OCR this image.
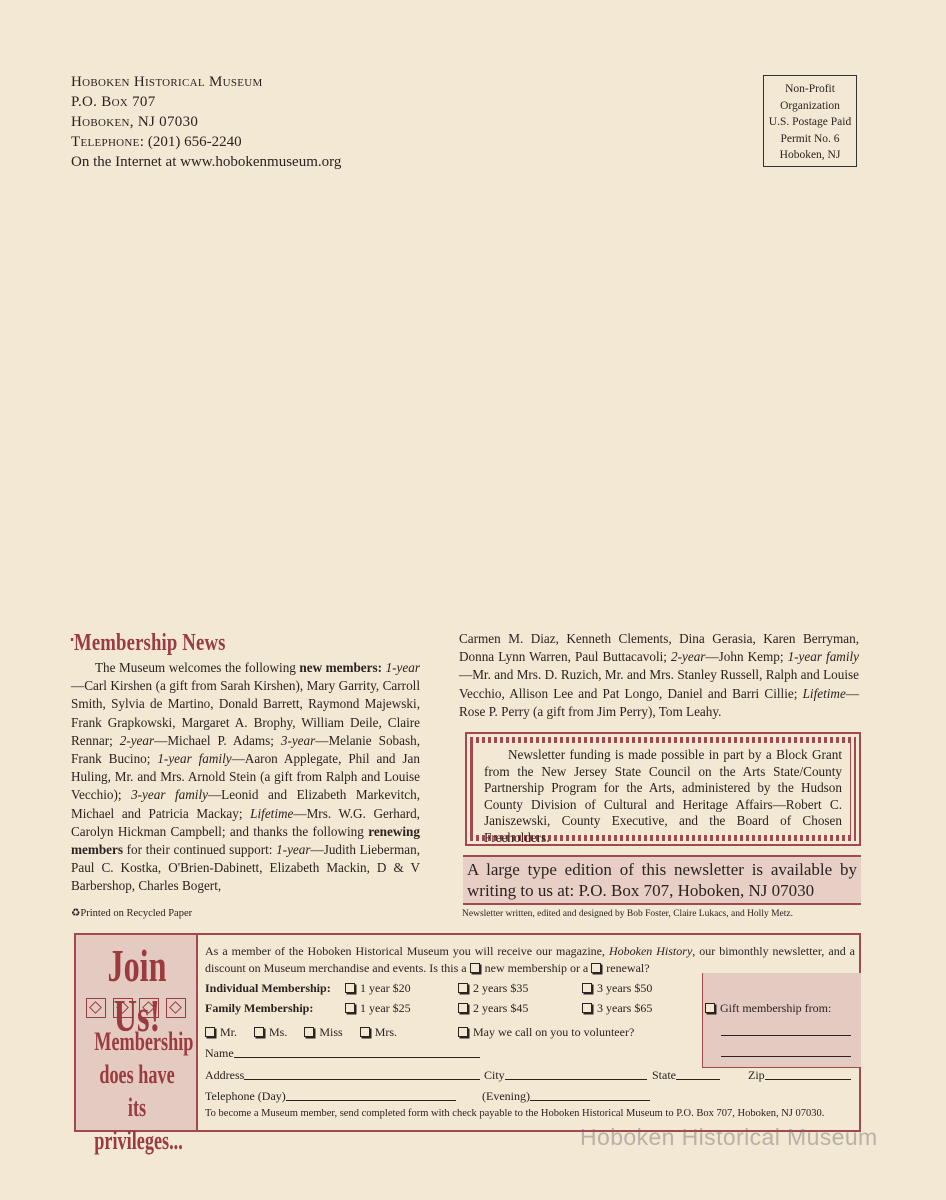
Hoboken Historical Museum
P.O. Box 707
Hoboken, NJ 07030
Telephone: (201) 656-2240
On the Internet at www.hobokenmuseum.org
Non-Profit
Organization
U.S. Postage Paid
Permit No. 6
Hoboken, NJ
Membership News

The Museum welcomes the following new members: 1-year—Carl Kirshen (a gift from Sarah Kirshen), Mary Garrity, Carroll Smith, Sylvia de Martino, Donald Barrett, Raymond Majewski, Frank Grapkowski, Margaret A. Brophy, William Deile, Claire Rennar; 2-year—Michael P. Adams; 3-year—Melanie Sobash, Frank Bucino; 1-year family—Aaron Applegate, Phil and Jan Huling, Mr. and Mrs. Arnold Stein (a gift from Ralph and Louise Vecchio); 3-year family—Leonid and Elizabeth Markevitch, Michael and Patricia Mackay; Lifetime—Mrs. W.G. Gerhard, Carolyn Hickman Campbell; and thanks the following renewing members for their continued support: 1-year—Judith Lieberman, Paul C. Kostka, O'Brien-Dabinett, Elizabeth Mackin, D & V Barbershop, Charles Bogert,

Carmen M. Diaz, Kenneth Clements, Dina Gerasia, Karen Berryman, Donna Lynn Warren, Paul Buttacavoli; 2-year—John Kemp; 1-year family—Mr. and Mrs. D. Ruzich, Mr. and Mrs. Stanley Russell, Ralph and Louise Vecchio, Allison Lee and Pat Longo, Daniel and Barri Cillie; Lifetime—Rose P. Perry (a gift from Jim Perry), Tom Leahy.

Newsletter funding is made possible in part by a Block Grant from the New Jersey State Council on the Arts State/County Partnership Program for the Arts, administered by the Hudson County Division of Cultural and Heritage Affairs—Robert C. Janiszewski, County Executive, and the Board of Chosen Freeholders.
A large type edition of this newsletter is available by writing to us at: P.O. Box 707, Hoboken, NJ 07030
♻Printed on Recycled Paper	Newsletter written, edited and designed by Bob Foster, Claire Lukacs, and Holly Metz.
Join Us!
Membership does have its privileges...
As a member of the Hoboken Historical Museum you will receive our magazine, Hoboken History, our bimonthly newsletter, and a discount on Museum merchandise and events. Is this a new membership or a renewal?
Individual Membership:	1 year $20	2 years $35	3 years $50
Family Membership:	1 year $25	2 years $45	3 years $65	Gift membership from:
Mr.	Ms.	Miss	Mrs.	May we call on you to volunteer?
Name
Address	City	State	Zip
Telephone (Day)	(Evening)
To become a Museum member, send completed form with check payable to the Hoboken Historical Museum to P.O. Box 707, Hoboken, NJ 07030.
Hoboken Historical Museum
